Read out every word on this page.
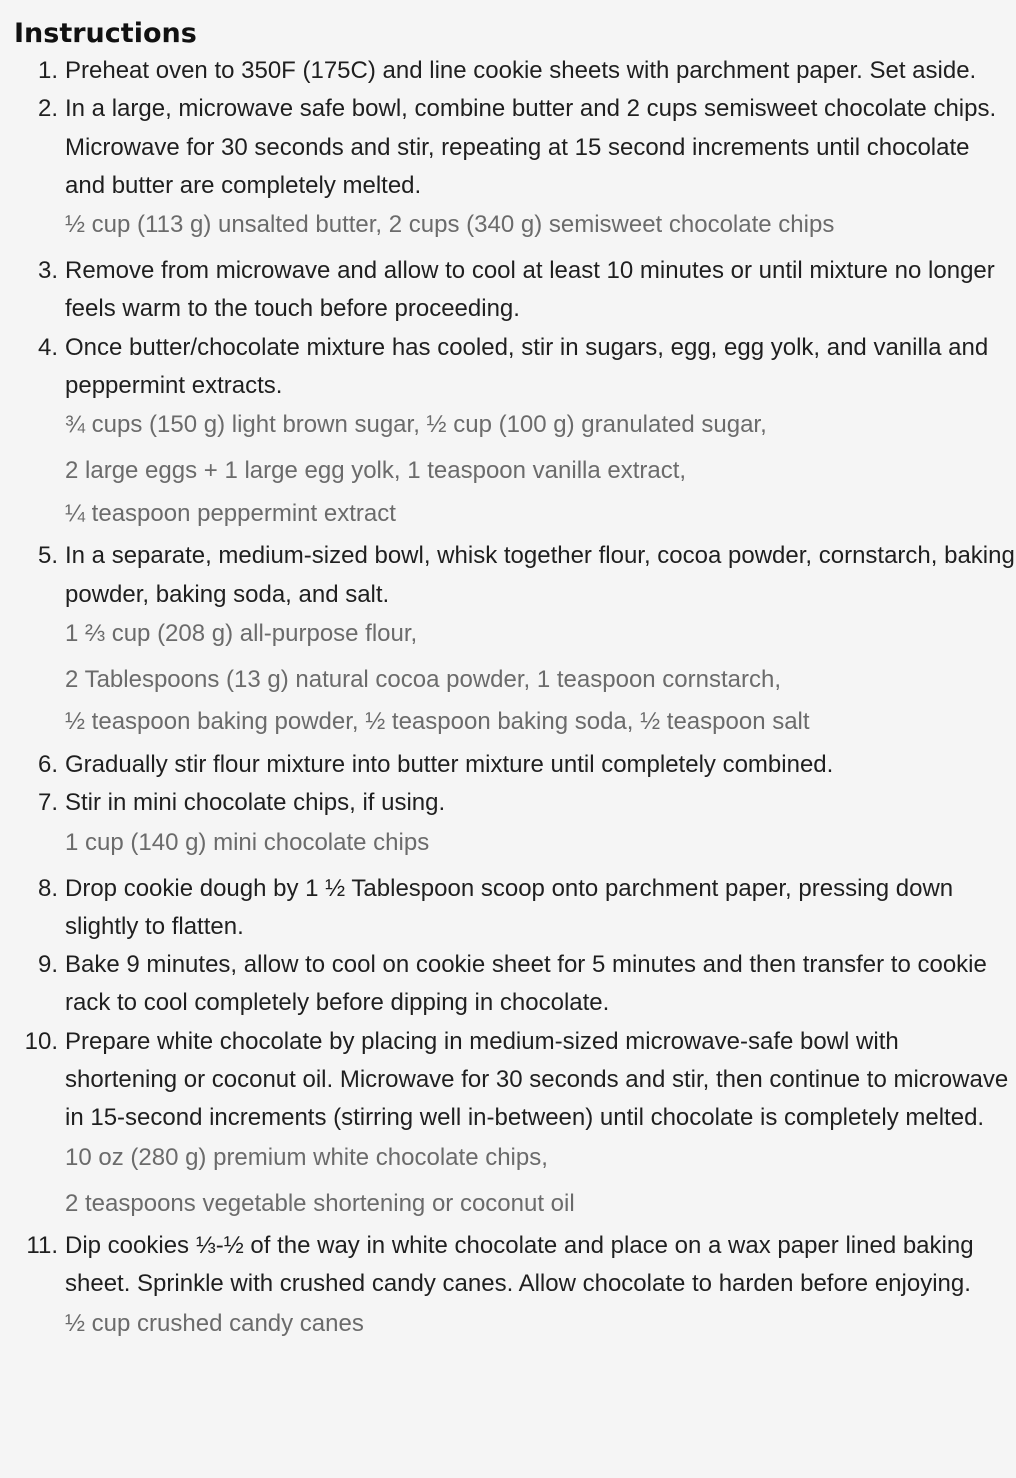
Instructions
1. Preheat oven to 350F (175C) and line cookie sheets with parchment paper. Set aside.
2. In a large, microwave safe bowl, combine butter and 2 cups semisweet chocolate chips. Microwave for 30 seconds and stir, repeating at 15 second increments until chocolate and butter are completely melted.
½ cup (113 g) unsalted butter, 2 cups (340 g) semisweet chocolate chips
3. Remove from microwave and allow to cool at least 10 minutes or until mixture no longer feels warm to the touch before proceeding.
4. Once butter/chocolate mixture has cooled, stir in sugars, egg, egg yolk, and vanilla and peppermint extracts.
¾ cups (150 g) light brown sugar, ½ cup (100 g) granulated sugar,
2 large eggs + 1 large egg yolk, 1 teaspoon vanilla extract,
¼ teaspoon peppermint extract
5. In a separate, medium-sized bowl, whisk together flour, cocoa powder, cornstarch, baking powder, baking soda, and salt.
1 ⅔ cup (208 g) all-purpose flour,
2 Tablespoons (13 g) natural cocoa powder, 1 teaspoon cornstarch,
½ teaspoon baking powder, ½ teaspoon baking soda, ½ teaspoon salt
6. Gradually stir flour mixture into butter mixture until completely combined.
7. Stir in mini chocolate chips, if using.
1 cup (140 g) mini chocolate chips
8. Drop cookie dough by 1 ½ Tablespoon scoop onto parchment paper, pressing down slightly to flatten.
9. Bake 9 minutes, allow to cool on cookie sheet for 5 minutes and then transfer to cookie rack to cool completely before dipping in chocolate.
10. Prepare white chocolate by placing in medium-sized microwave-safe bowl with shortening or coconut oil. Microwave for 30 seconds and stir, then continue to microwave in 15-second increments (stirring well in-between) until chocolate is completely melted.
10 oz (280 g) premium white chocolate chips,
2 teaspoons vegetable shortening or coconut oil
11. Dip cookies ⅓-½ of the way in white chocolate and place on a wax paper lined baking sheet. Sprinkle with crushed candy canes. Allow chocolate to harden before enjoying.
½ cup crushed candy canes
